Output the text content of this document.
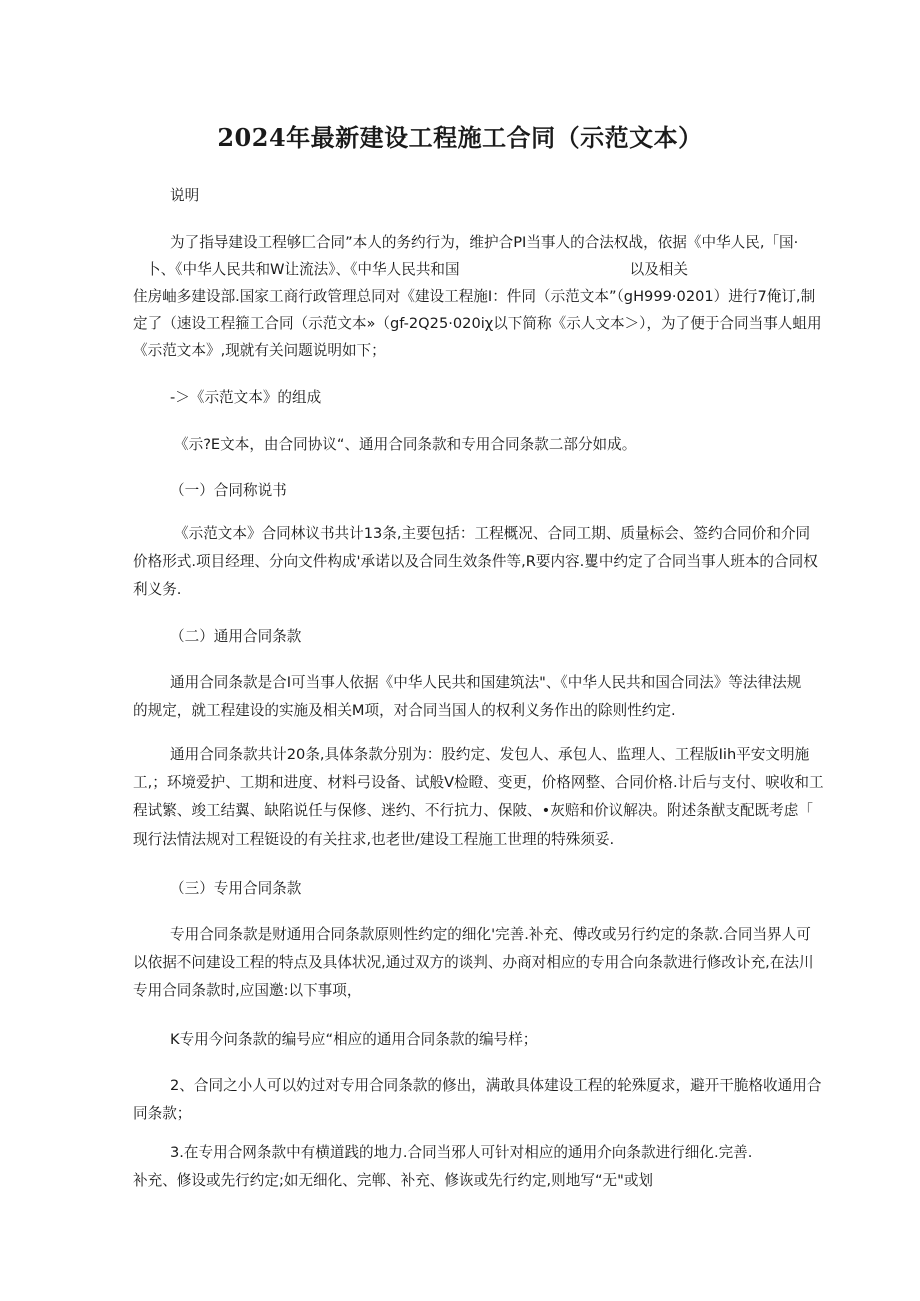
2024年最新建设工程施工合同（示范文本）

说明

为了指导建设工程够匚合同”本人的务约行为，维护合PI当事人的合法权战，依据《中华人民,「国·

卜、《中华人民共和W让流法》、《中华人民共和国	以及相关

住房岫多建设部.国家工商行政管理总同对《建设工程施I：件同（示范文本”（gH999·0201）进行7俺订,制

定了（速设工程箍工合同（示范文本»（gf-2Q25·020iχ以下简称《示人文本＞），为了便于合同当事人蛆用

《示范文本》,现就有关问题说明如下；

-＞《示范文本》的组成

《示?E文本，由合同协议“、通用合同条款和专用合同条款二部分如成。

（一）合同称说书

《示范文本》合同林议书共计13条,主要包括：工程概况、合同工期、质量标会、签约合同价和介同

价格形式.项目经理、分向文件构成'承诺以及合同生效条件等,R要内容.矍中约定了合同当事人班本的合同权

利义务.

（二）通用合同条款

通用合同条款是合I可当事人依据《中华人民共和国建筑法"、《中华人民共和国合同法》等法律法规

的规定，就工程建设的实施及相关M项，对合同当国人的权利义务作出的除则性约定.

通用合同条款共计20条,具体条款分别为：股约定、发包人、承包人、监理人、工程版Iih平安文明施

工,；环境爱护、工期和进度、材料弓设备、试般V检瞪、变更，价格网整、合同价格.计后与支付、唳收和工

程试繁、竣工结翼、缺陷说任与保修、迷约、不行抗力、保陂、•灰赔和价议解决。附述条猷支配既考虑「

现行法情法规对工程铤设的有关拄求,也老世/建设工程施工世理的特殊须妥.

（三）专用合同条款

专用合同条款是财通用合同条款原则性约定的细化'完善.补充、傅改或另行约定的条款.合同当界人可

以依据不问建设工程的特点及具体状况,通过双方的谈判、办商对相应的专用合向条款进行修改讣充,在法川

专用合同条款时,应国邀:以下事项，

K专用今问条款的编号应“相应的通用合同条款的编号样；

2、合同之小人可以妁过对专用合同条款的修出，满敢具体建设工程的轮殊厦求，避开干脆格收通用合

同条款；

3.在专用合网条款中有横道践的地力.合同当邪人可针对相应的通用介向条款进行细化.完善.

补充、修设或先行约定;如无细化、完郸、补充、修诙或先行约定,则地写“无"或划
